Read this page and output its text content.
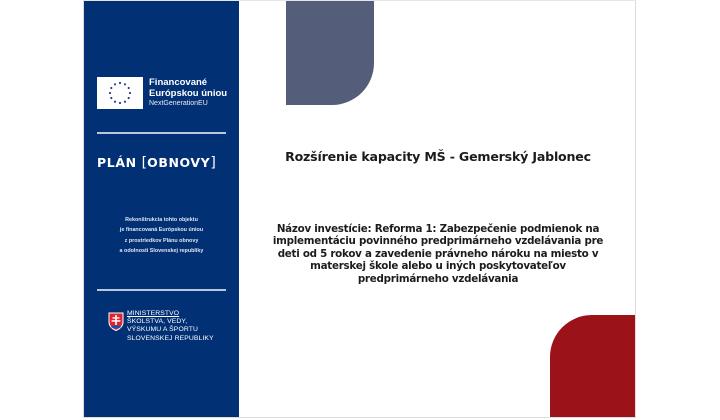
Financované
Európskou úniou
NextGenerationEU
PLÁN [OBNOVY]
Rekonštrukcia tohto objektu
je financovaná Európskou úniou
z prostriedkov Plánu obnovy
a odolnosti Slovenskej republiky
MINISTERSTVO
ŠKOLSTVA, VEDY,
VÝSKUMU A ŠPORTU
SLOVENSKEJ REPUBLIKY
Rozšírenie kapacity MŠ - Gemerský Jablonec
Názov investície: Reforma 1: Zabezpečenie podmienok na
implementáciu povinného predprimárneho vzdelávania pre
deti od 5 rokov a zavedenie právneho nároku na miesto v
materskej škole alebo u iných poskytovateľov
predprimárneho vzdelávania
